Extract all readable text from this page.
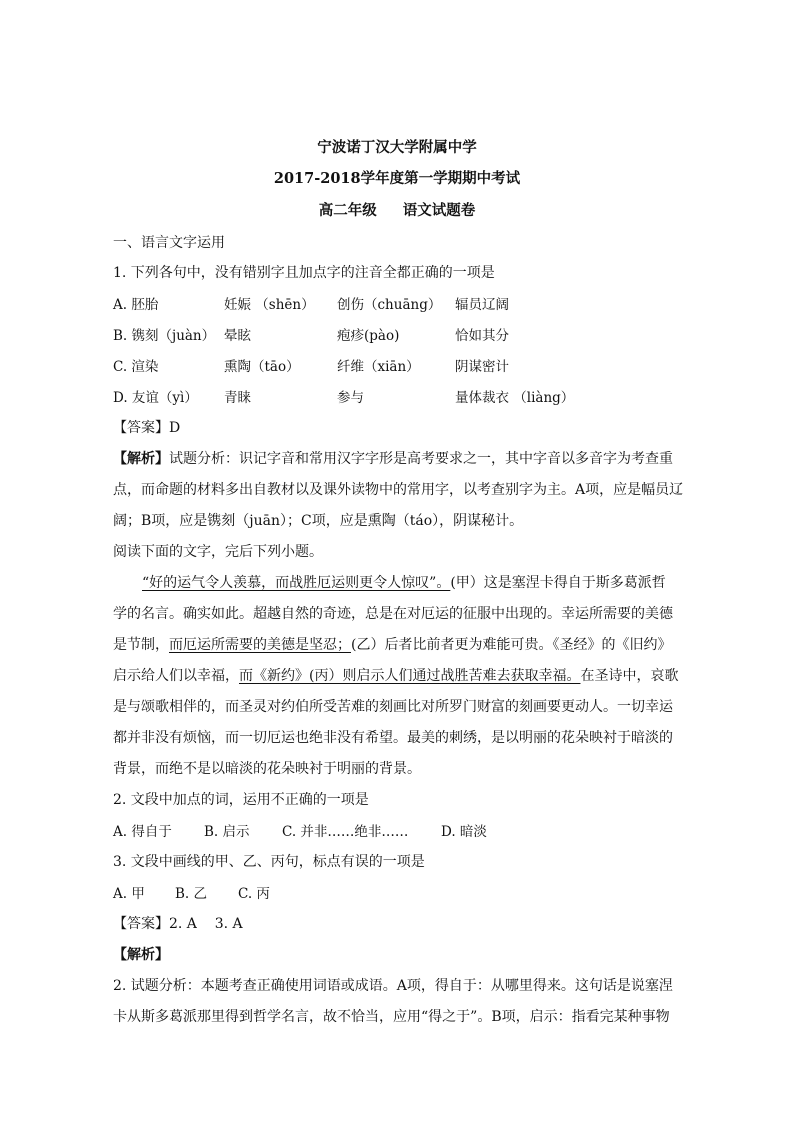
宁波诺丁汉大学附属中学
2017-2018学年度第一学期期中考试
高二年级 语文试题卷
一、语言文字运用
1. 下列各句中，没有错别字且加点字的注音全都正确的一项是
A. 胚胎	妊娠 （shēn） 创伤（chuāng） 辐员辽阔
B. 镌刻（juàn） 晕眩	疱疹(pào)	恰如其分
C. 渲染	熏陶（tāo）	纤维（xiān）	阴谋密计
D. 友谊（yì） 青睐	参与	量体裁衣 （liàng）
【答案】D
【解析】试题分析：识记字音和常用汉字字形是高考要求之一，其中字音以多音字为考查重
点，而命题的材料多出自教材以及课外读物中的常用字，以考查别字为主。A项，应是幅员辽
阔；B项，应是镌刻（juān）；C项，应是熏陶（táo），阴谋秘计。
阅读下面的文字，完后下列小题。
“好的运气令人羡慕，而战胜厄运则更令人惊叹”。(甲）这是塞涅卡得自于斯多葛派哲
学的名言。确实如此。超越自然的奇迹，总是在对厄运的征服中出现的。幸运所需要的美德
是节制，而厄运所需要的美德是坚忍；(乙）后者比前者更为难能可贵。《圣经》的《旧约》
启示给人们以幸福，而《新约》(丙）则启示人们通过战胜苦难去获取幸福。在圣诗中，哀歌
是与颂歌相伴的，而圣灵对约伯所受苦难的刻画比对所罗门财富的刻画要更动人。一切幸运
都并非没有烦恼，而一切厄运也绝非没有希望。最美的刺绣，是以明丽的花朵映衬于暗淡的
背景，而绝不是以暗淡的花朵映衬于明丽的背景。
2. 文段中加点的词，运用不正确的一项是
A. 得自于 B. 启示 C. 并非……绝非…… D. 暗淡
3. 文段中画线的甲、乙、丙句，标点有误的一项是
A. 甲 B. 乙 C. 丙
【答案】2. A    3. A
【解析】
2. 试题分析：本题考查正确使用词语或成语。A项，得自于：从哪里得来。这句话是说塞涅
卡从斯多葛派那里得到哲学名言，故不恰当，应用“得之于”。B项，启示：指看完某种事物
